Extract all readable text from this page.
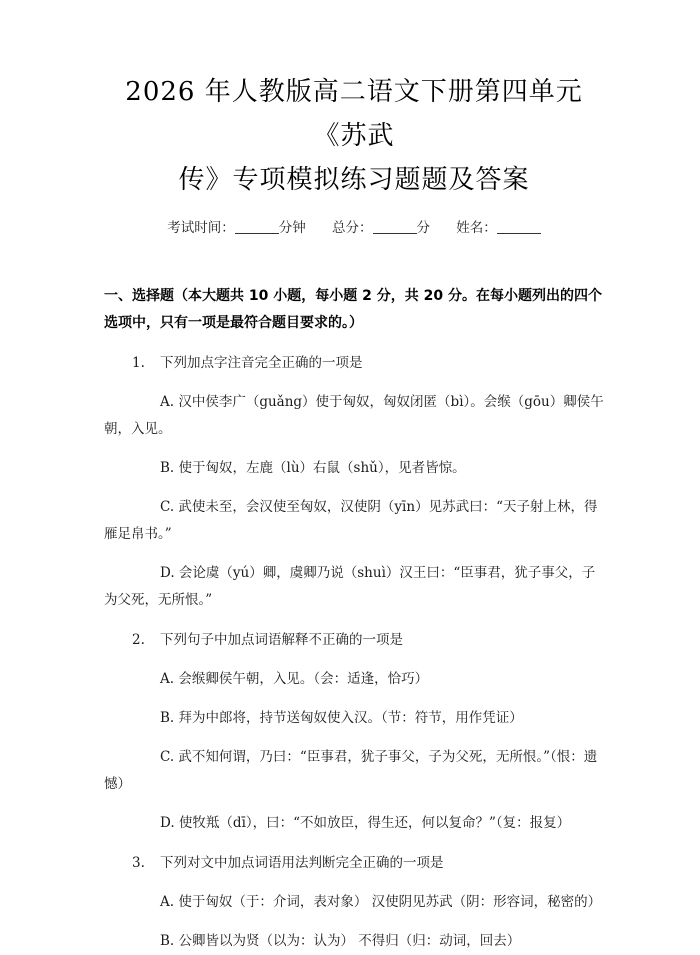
2026 年人教版高二语文下册第四单元《苏武
传》专项模拟练习题题及答案
考试时间：	分钟 总分：	分 姓名：
一、选择题（本大题共 10 小题，每小题 2 分，共 20 分。在每小题列出的四个选项中，只有一项是最符合题目要求的。）
1. 下列加点字注音完全正确的一项是
A. 汉中侯李广（guǎng）使于匈奴，匈奴闭匿（bì）。会缑（gōu）卿侯午朝，入见。
B. 使于匈奴，左鹿（lù）右鼠（shǔ），见者皆惊。
C. 武使未至，会汉使至匈奴，汉使阴（yīn）见苏武曰：“天子射上林，得雁足帛书。”
D. 会论虞（yú）卿，虞卿乃说（shuì）汉王曰：“臣事君，犹子事父，子为父死，无所恨。”
2. 下列句子中加点词语解释不正确的一项是
A. 会缑卿侯午朝，入见。（会：适逢，恰巧）
B. 拜为中郎将，持节送匈奴使入汉。（节：符节，用作凭证）
C. 武不知何谓，乃曰：“臣事君，犹子事父，子为父死，无所恨。”（恨：遗憾）
D. 使牧羝（dī），曰：“不如放臣，得生还，何以复命？”（复：报复）
3. 下列对文中加点词语用法判断完全正确的一项是
A. 使于匈奴（于：介词，表对象） 汉使阴见苏武（阴：形容词，秘密的）
B. 公卿皆以为贤（以为：认为） 不得归（归：动词，回去）
